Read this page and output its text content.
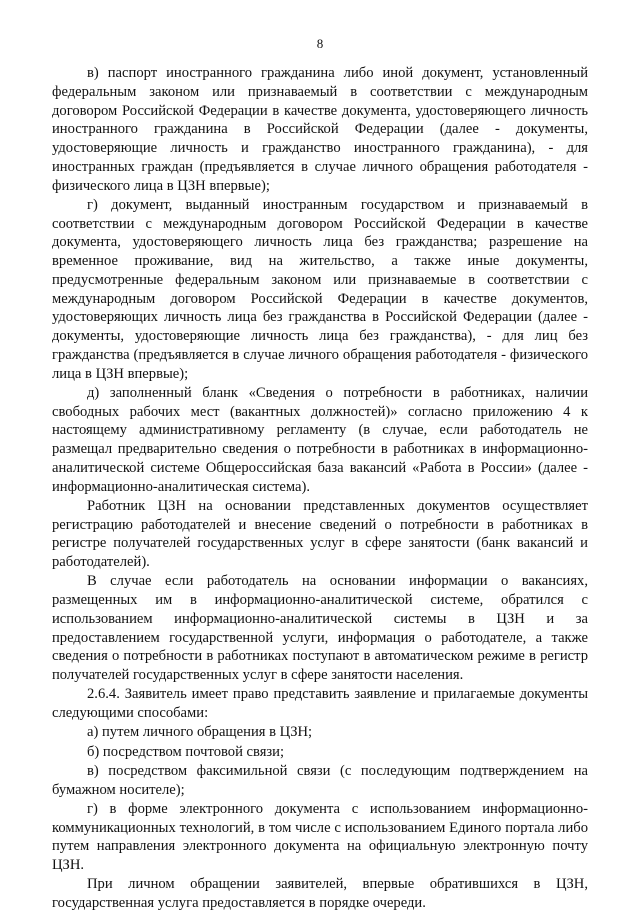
8

в) паспорт иностранного гражданина либо иной документ, установленный федеральным законом или признаваемый в соответствии с международным договором Российской Федерации в качестве документа, удостоверяющего личность иностранного гражданина в Российской Федерации (далее - документы, удостоверяющие личность и гражданство иностранного гражданина), - для иностранных граждан (предъявляется в случае личного обращения работодателя - физического лица в ЦЗН впервые);

г) документ, выданный иностранным государством и признаваемый в соответствии с международным договором Российской Федерации в качестве документа, удостоверяющего личность лица без гражданства; разрешение на временное проживание, вид на жительство, а также иные документы, предусмотренные федеральным законом или признаваемые в соответствии с международным договором Российской Федерации в качестве документов, удостоверяющих личность лица без гражданства в Российской Федерации (далее - документы, удостоверяющие личность лица без гражданства), - для лиц без гражданства (предъявляется в случае личного обращения работодателя - физического лица в ЦЗН впервые);

д) заполненный бланк «Сведения о потребности в работниках, наличии свободных рабочих мест (вакантных должностей)» согласно приложению 4 к настоящему административному регламенту (в случае, если работодатель не размещал предварительно сведения о потребности в работниках в информационно-аналитической системе Общероссийская база вакансий «Работа в России» (далее - информационно-аналитическая система).

Работник ЦЗН на основании представленных документов осуществляет регистрацию работодателей и внесение сведений о потребности в работниках в регистре получателей государственных услуг в сфере занятости (банк вакансий и работодателей).

В случае если работодатель на основании информации о вакансиях, размещенных им в информационно-аналитической системе, обратился с использованием информационно-аналитической системы в ЦЗН и за предоставлением государственной услуги, информация о работодателе, а также сведения о потребности в работниках поступают в автоматическом режиме в регистр получателей государственных услуг в сфере занятости населения.

2.6.4. Заявитель имеет право представить заявление и прилагаемые документы следующими способами:

а) путем личного обращения в ЦЗН;

б) посредством почтовой связи;

в) посредством факсимильной связи (с последующим подтверждением на бумажном носителе);

г) в форме электронного документа с использованием информационно-коммуникационных технологий, в том числе с использованием Единого портала либо путем направления электронного документа на официальную электронную почту ЦЗН.

При личном обращении заявителей, впервые обратившихся в ЦЗН, государственная услуга предоставляется в порядке очереди.
